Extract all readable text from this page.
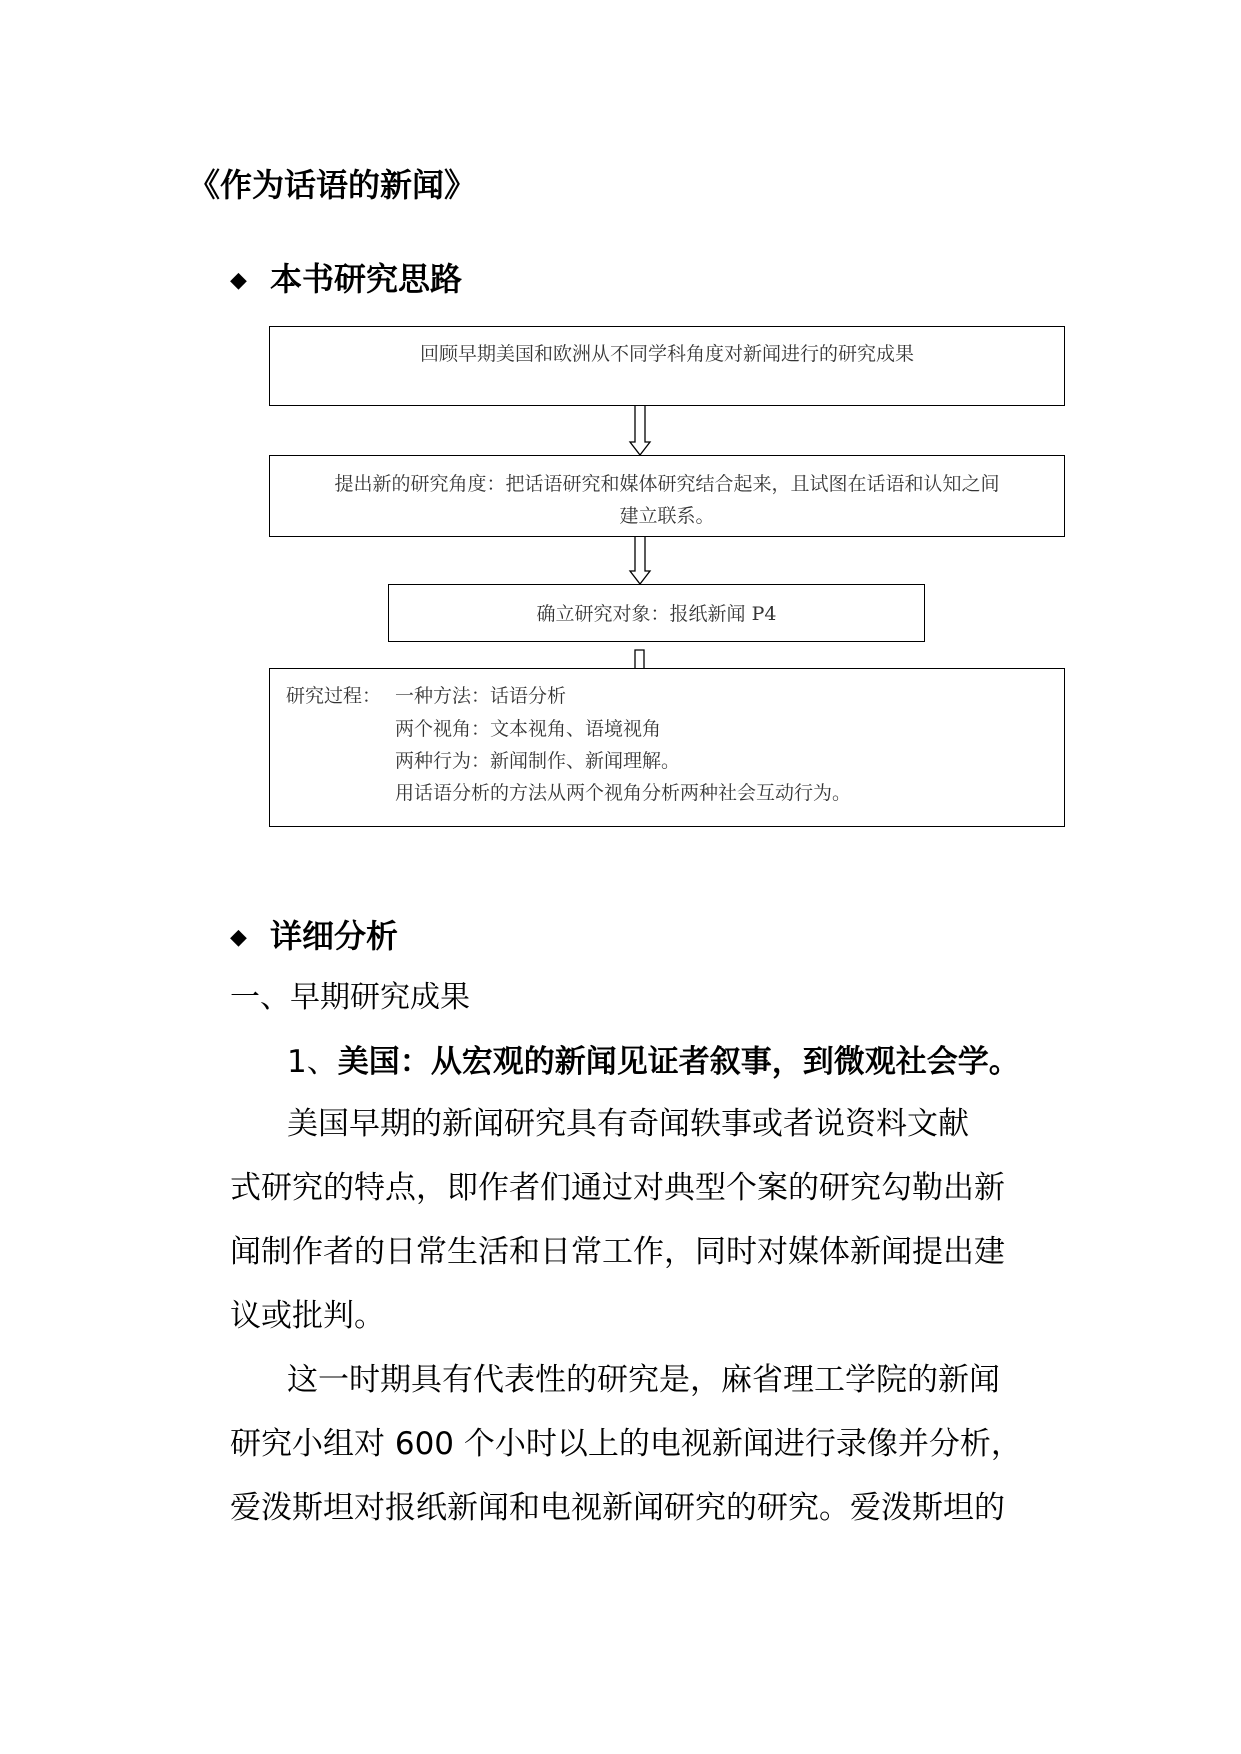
《作为话语的新闻》
◆ 本书研究思路
回顾早期美国和欧洲从不同学科角度对新闻进行的研究成果
提出新的研究角度：把话语研究和媒体研究结合起来，且试图在话语和认知之间
建立联系。
确立研究对象：报纸新闻 P4
研究过程： 一种方法：话语分析
两个视角：文本视角、语境视角
两种行为：新闻制作、新闻理解。
用话语分析的方法从两个视角分析两种社会互动行为。
◆ 详细分析
一、早期研究成果
1、美国：从宏观的新闻见证者叙事，到微观社会学。
美国早期的新闻研究具有奇闻轶事或者说资料文献
式研究的特点，即作者们通过对典型个案的研究勾勒出新
闻制作者的日常生活和日常工作，同时对媒体新闻提出建
议或批判。
这一时期具有代表性的研究是，麻省理工学院的新闻
研究小组对 600 个小时以上的电视新闻进行录像并分析，
爱泼斯坦对报纸新闻和电视新闻研究的研究。爱泼斯坦的
